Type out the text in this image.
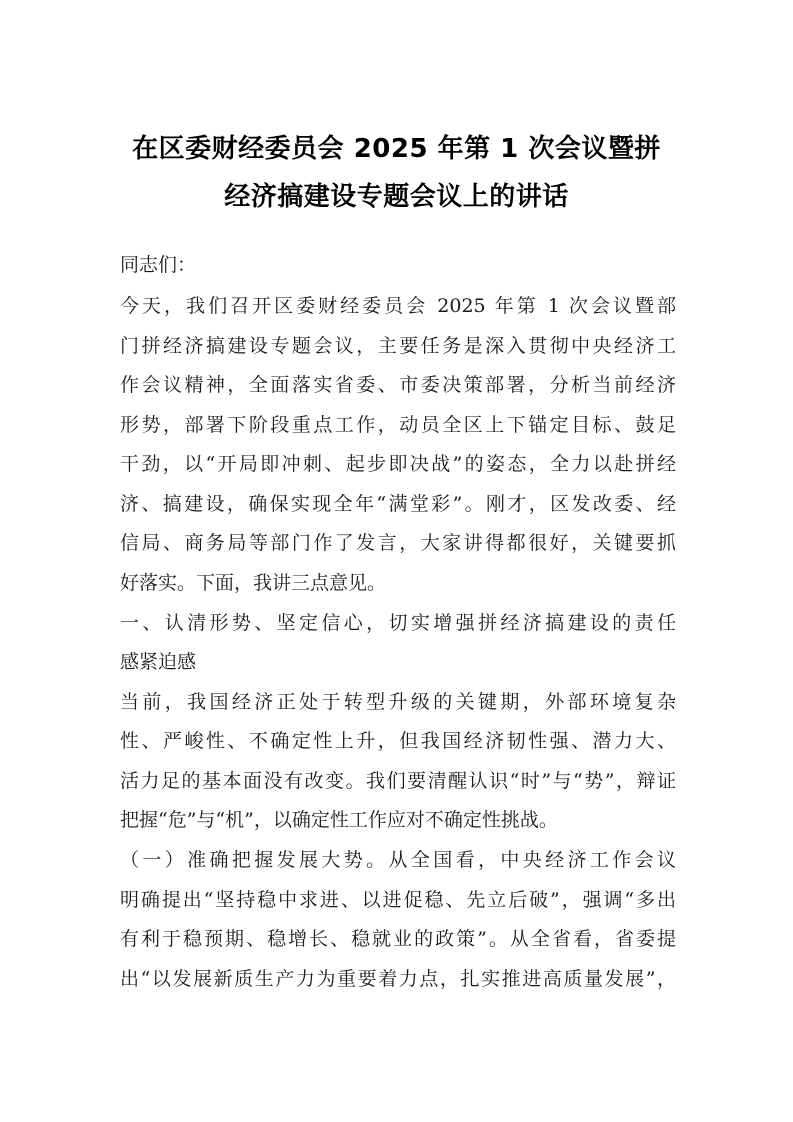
在区委财经委员会 2025 年第 1 次会议暨拼
经济搞建设专题会议上的讲话
同志们：
今天，我们召开区委财经委员会 2025 年第 1 次会议暨部
门拼经济搞建设专题会议，主要任务是深入贯彻中央经济工
作会议精神，全面落实省委、市委决策部署，分析当前经济
形势，部署下阶段重点工作，动员全区上下锚定目标、鼓足
干劲，以“开局即冲刺、起步即决战”的姿态，全力以赴拼经
济、搞建设，确保实现全年“满堂彩”。刚才，区发改委、经
信局、商务局等部门作了发言，大家讲得都很好，关键要抓
好落实。下面，我讲三点意见。
一、认清形势、坚定信心，切实增强拼经济搞建设的责任
感紧迫感
当前，我国经济正处于转型升级的关键期，外部环境复杂
性、严峻性、不确定性上升，但我国经济韧性强、潜力大、
活力足的基本面没有改变。我们要清醒认识“时”与“势”，辩证
把握“危”与“机”，以确定性工作应对不确定性挑战。
（一）准确把握发展大势。从全国看，中央经济工作会议
明确提出“坚持稳中求进、以进促稳、先立后破”，强调“多出
有利于稳预期、稳增长、稳就业的政策”。从全省看，省委提
出“以发展新质生产力为重要着力点，扎实推进高质量发展”，
